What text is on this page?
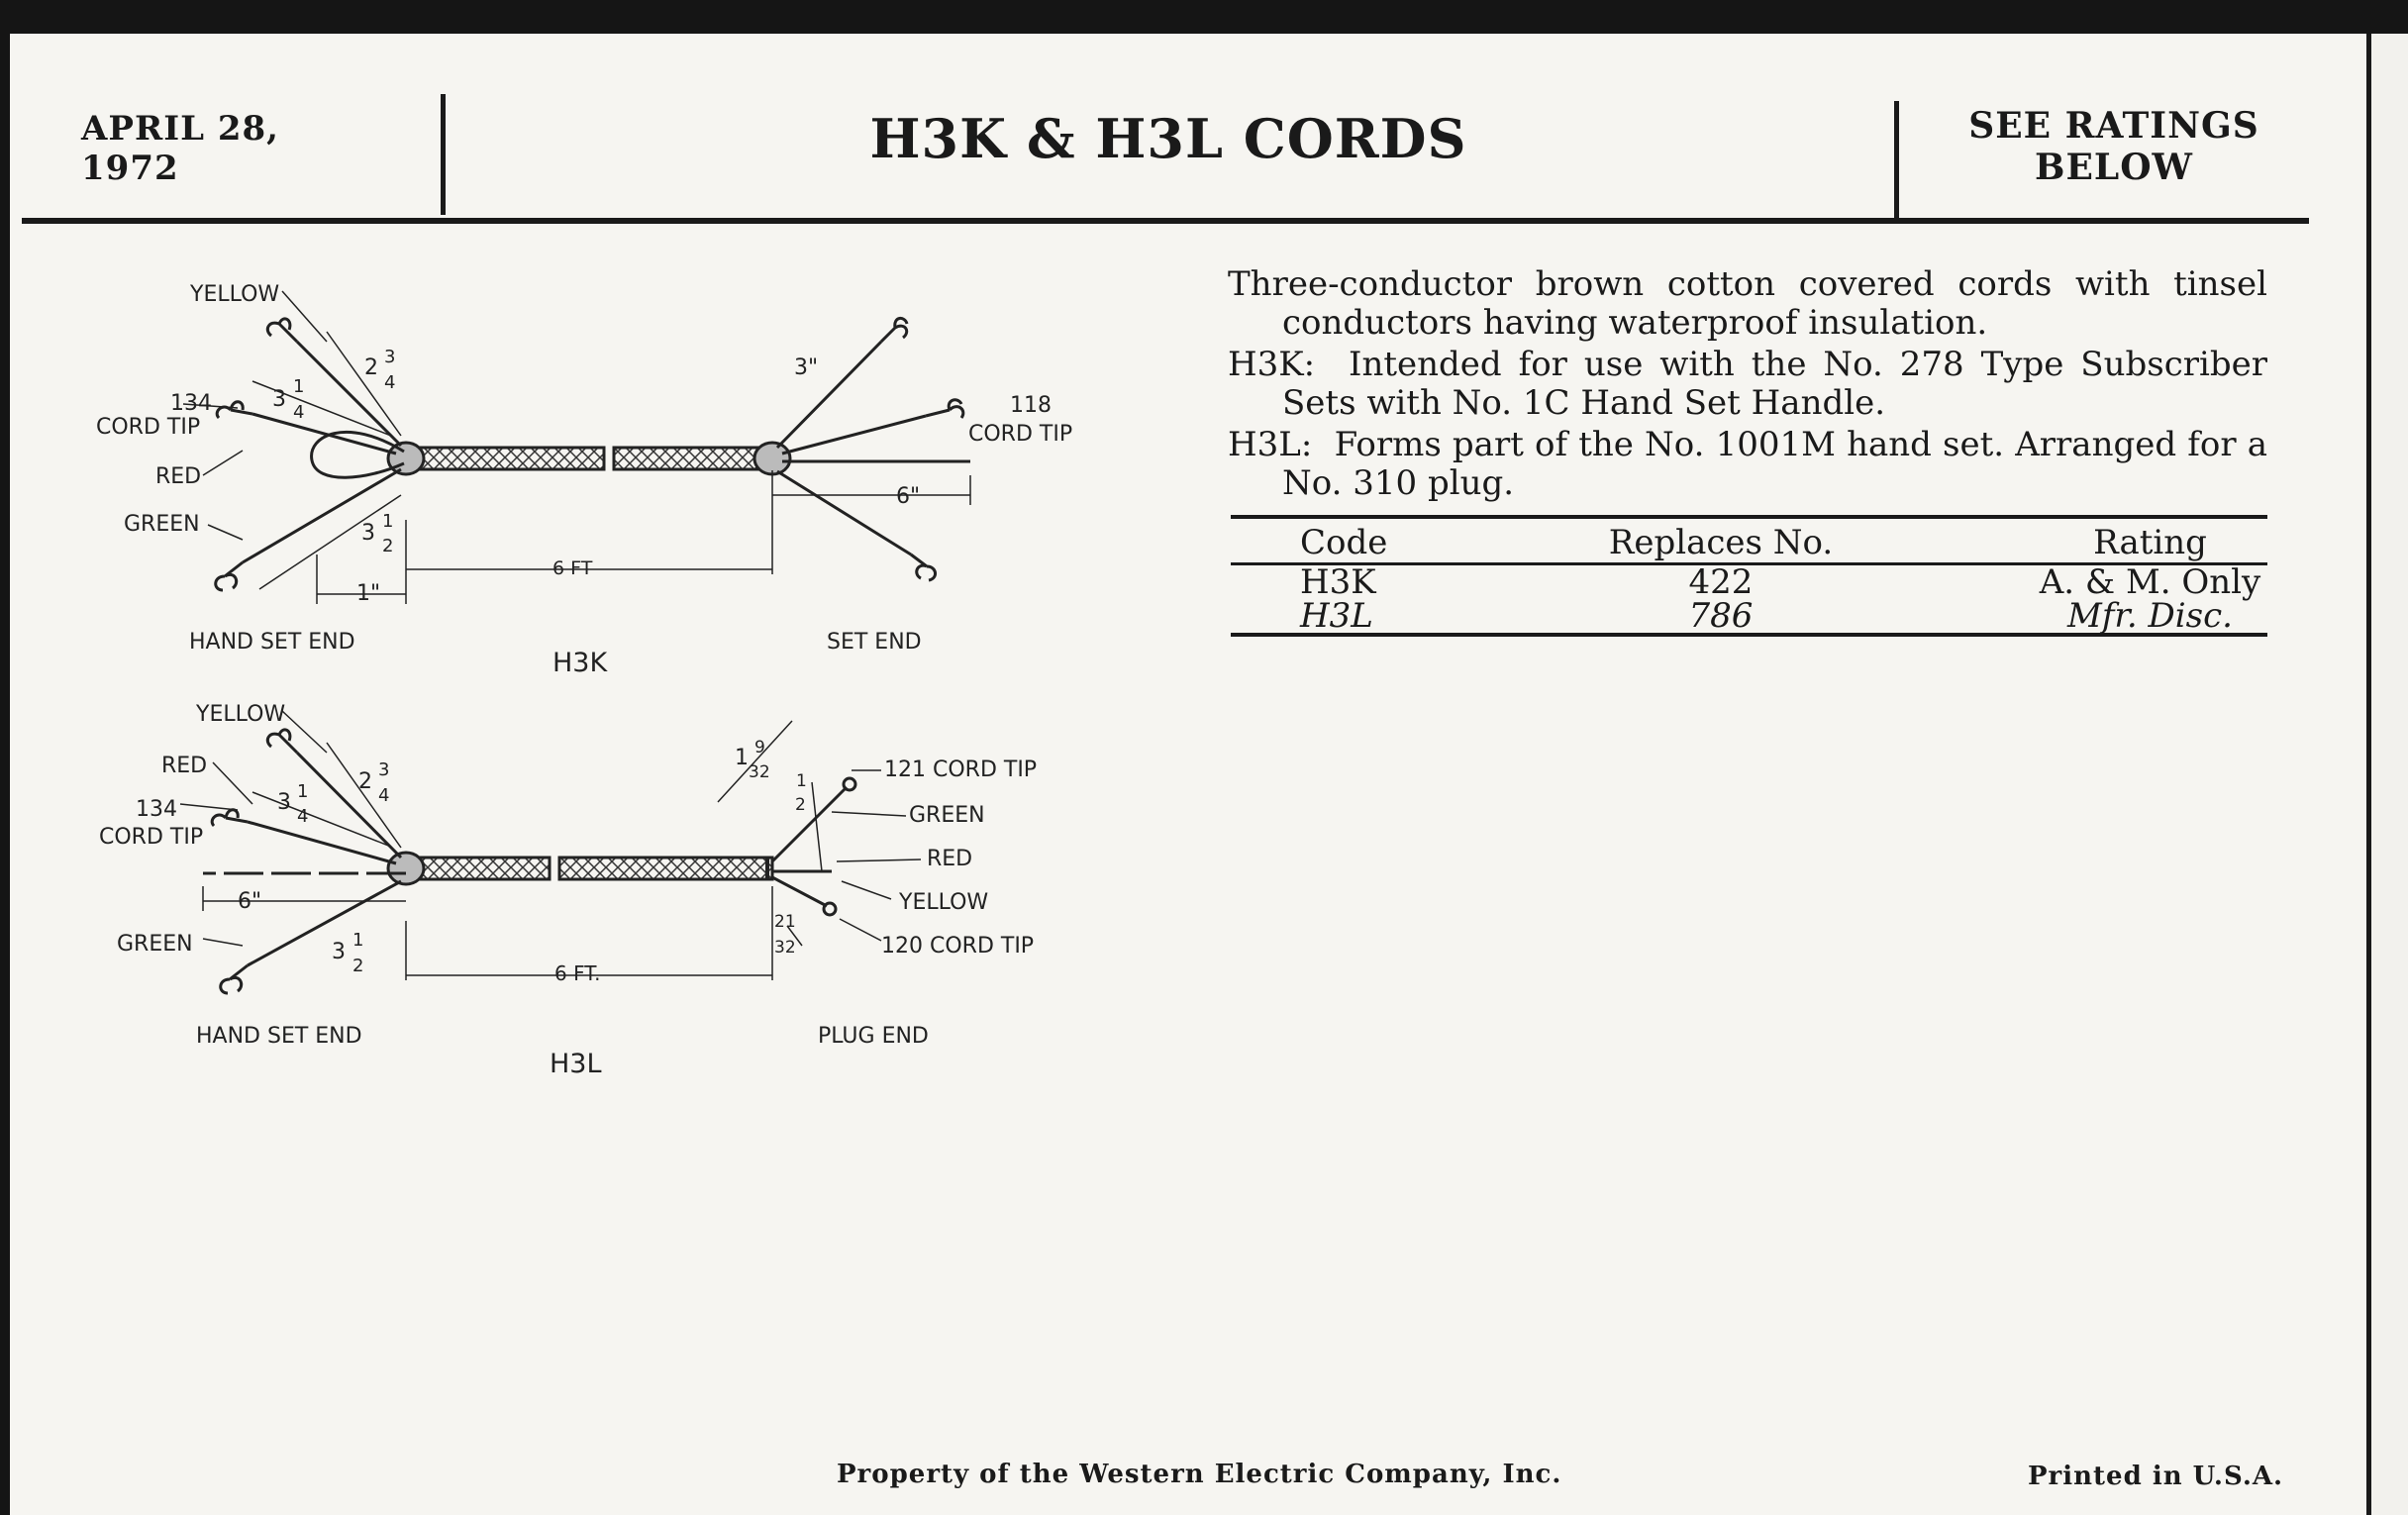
APRIL 28, 1972	H3K & H3L CORDS	SEE RATINGS
BELOW

Three-conductor brown cotton covered cords with tinsel conductors having waterproof insulation.

H3K: Intended for use with the No. 278 Type Subscriber Sets with No. 1C Hand Set Handle.

H3L: Forms part of the No. 1001M hand set. Arranged for a No. 310 plug.

Code	Replaces No.	Rating
H3K	422	A. & M. Only
H3L	786	Mfr. Disc.
YELLOW
134
CORD TIP
RED
GREEN
118
CORD TIP
2 3
4
3
1
4
3 1
2
1"
6 FT
3"
6"
HAND SET END	SET END
H3K
YELLOW
RED
134
CORD TIP
GREEN
2 3
4
3 1
4
3 1
2
6"
6 FT.
1 9
32 1
2
21
32
121 CORD TIP
GREEN
RED
YELLOW
120 CORD TIP
HAND SET END	PLUG END
H3L
Property of the Western Electric Company, Inc.	Printed in U.S.A.
